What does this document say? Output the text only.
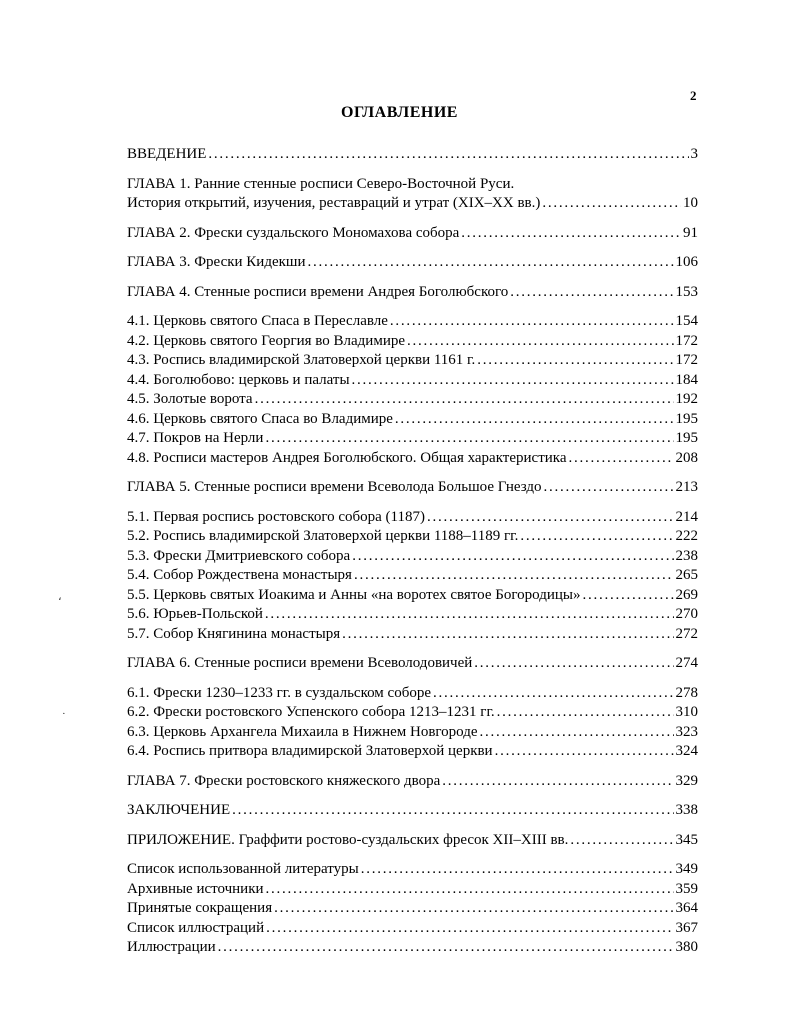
2
ОГЛАВЛЕНИЕ
ВВЕДЕНИЕ . . .	3
ГЛАВА 1. Ранние стенные росписи Северо-Восточной Руси.
История открытий, изучения, реставраций и утрат (XIX–XX вв.) . . .	10
ГЛАВА 2. Фрески суздальского Мономахова собора . . .	91
ГЛАВА 3. Фрески Кидекши . . .	106
ГЛАВА 4. Стенные росписи времени Андрея Боголюбского . . .	153
4.1. Церковь святого Спаса в Переславле . . .	154
4.2. Церковь святого Георгия во Владимире . . .	172
4.3. Роспись владимирской Златоверхой церкви 1161 г. . . .	172
4.4. Боголюбово: церковь и палаты . . .	184
4.5. Золотые ворота . . .	192
4.6. Церковь святого Спаса во Владимире . . .	195
4.7. Покров на Нерли . . .	195
4.8. Росписи мастеров Андрея Боголюбского. Общая характеристика . . .	208
ГЛАВА 5. Стенные росписи времени Всеволода Большое Гнездо . . .	213
5.1. Первая роспись ростовского собора (1187) . . .	214
5.2. Роспись владимирской Златоверхой церкви 1188–1189 гг. . . .	222
5.3. Фрески Дмитриевского собора . . .	238
5.4. Собор Рождествена монастыря . . .	265
5.5. Церковь святых Иоакима и Анны «на воротех святое Богородицы» . . .	269
5.6. Юрьев-Польской . . .	270
5.7. Собор Княгинина монастыря . . .	272
ГЛАВА 6. Стенные росписи времени Всеволодовичей . . .	274
6.1. Фрески 1230–1233 гг. в суздальском соборе . . .	278
6.2. Фрески ростовского Успенского собора 1213–1231 гг. . . .	310
6.3. Церковь Архангела Михаила в Нижнем Новгороде . . .	323
6.4. Роспись притвора владимирской Златоверхой церкви . . .	324
ГЛАВА 7. Фрески ростовского княжеского двора . . .	329
ЗАКЛЮЧЕНИЕ . . .	338
ПРИЛОЖЕНИЕ. Граффити ростово-суздальских фресок XII–XIII вв. . . .	345
Список использованной литературы . . .	349
Архивные источники . . .	359
Принятые сокращения . . .	364
Список иллюстраций . . .	367
Иллюстрации . . .	380
،
·
